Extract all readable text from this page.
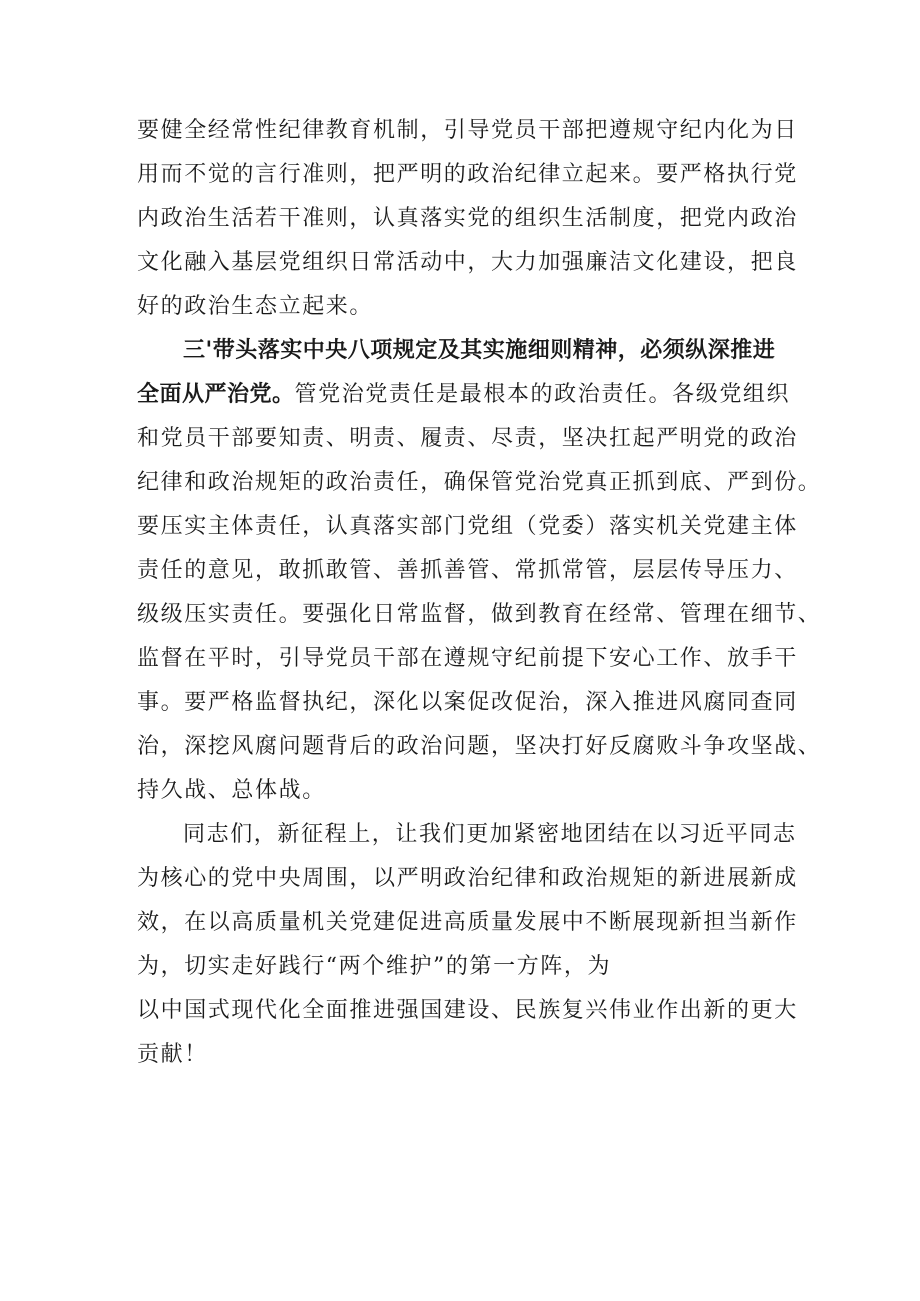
要健全经常性纪律教育机制，引导党员干部把遵规守纪内化为日
用而不觉的言行准则，把严明的政治纪律立起来。要严格执行党
内政治生活若干准则，认真落实党的组织生活制度，把党内政治
文化融入基层党组织日常活动中，大力加强廉洁文化建设，把良
好的政治生态立起来。
三'带头落实中央八项规定及其实施细则精神，必须纵深推进
全面从严治党。管党治党责任是最根本的政治责任。各级党组织
和党员干部要知责、明责、履责、尽责，坚决扛起严明党的政治
纪律和政治规矩的政治责任，确保管党治党真正抓到底、严到份。
要压实主体责任，认真落实部门党组（党委）落实机关党建主体
责任的意见，敢抓敢管、善抓善管、常抓常管，层层传导压力、
级级压实责任。要强化日常监督，做到教育在经常、管理在细节、
监督在平时，引导党员干部在遵规守纪前提下安心工作、放手干
事。要严格监督执纪，深化以案促改促治，深入推进风腐同查同
治，深挖风腐问题背后的政治问题，坚决打好反腐败斗争攻坚战、
持久战、总体战。
同志们，新征程上，让我们更加紧密地团结在以习近平同志
为核心的党中央周围，以严明政治纪律和政治规矩的新进展新成
效，在以高质量机关党建促进高质量发展中不断展现新担当新作
为，切实走好践行“两个维护”的第一方阵，为
以中国式现代化全面推进强国建设、民族复兴伟业作出新的更大
贡献！
